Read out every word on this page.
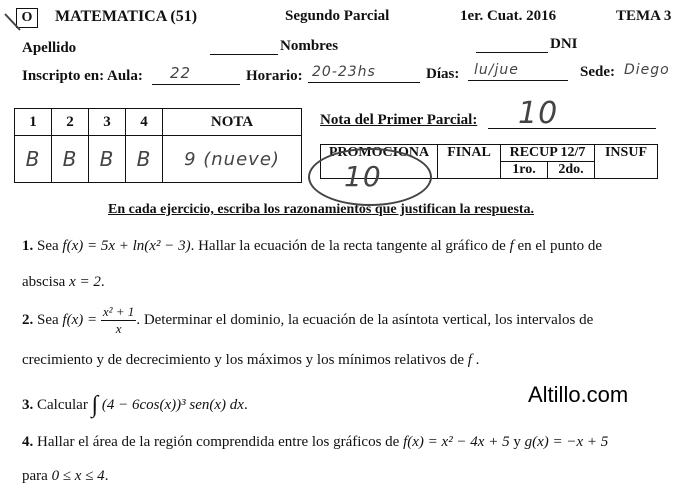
O	MATEMATICA (51)	Segundo Parcial	1er. Cuat. 2016	TEMA 3
Apellido	Nombres	DNI
Inscripto en: Aula: 22	Horario: 20-23hs	Días: lu/jue	Sede: Diego
1	2	3	4	NOTA
B	B	B	B	9 (nueve)
Nota del Primer Parcial: 10
PROMOCIONA	FINAL	RECUP 12/7		INSUF
		1ro.	2do.	
10
En cada ejercicio, escriba los razonamientos que justifican la respuesta.
1. Sea f(x) = 5x + ln(x² − 3). Hallar la ecuación de la recta tangente al gráfico de f en el punto de
abscisa x = 2.
2. Sea $f(x) = \frac{\text{x² + 1}}{x}$ . Determinar el dominio, la ecuación de la asíntota vertical, los intervalos de
crecimiento y de decrecimiento y los máximos y los mínimos relativos de f .
3. Calcular ∫ (4 − 6cos(x))³ sen(x) dx.	Altillo.com
4. Hallar el área de la región comprendida entre los gráficos de f(x) = x² − 4x + 5 y g(x) = −x + 5
para 0 ≤ x ≤ 4.
